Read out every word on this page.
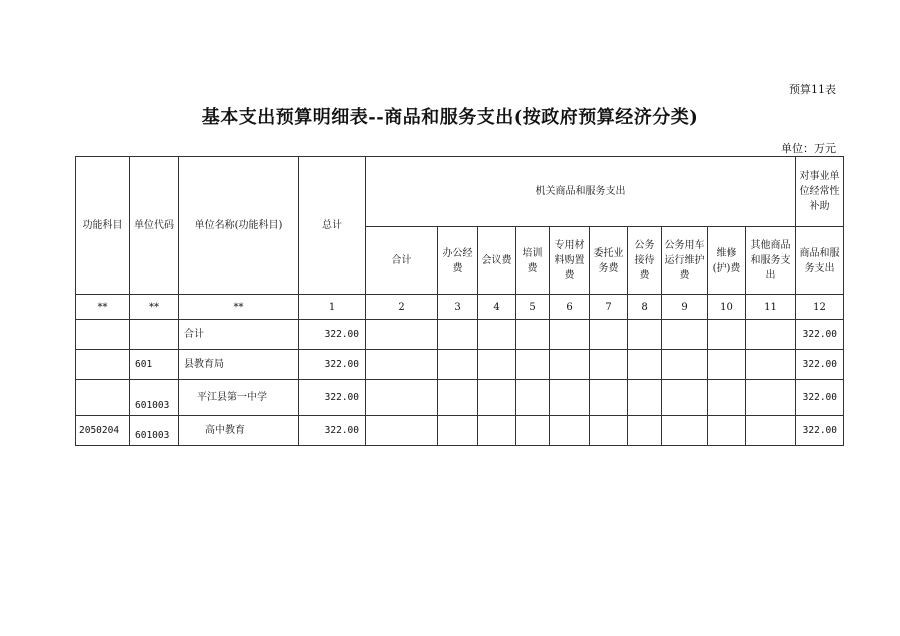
预算11表
基本支出预算明细表--商品和服务支出(按政府预算经济分类)
单位：万元
功能科目	单位代码	单位名称(功能科目)	总计	机关商品和服务支出										对事业单位经常性补助
				合计	办公经费	会议费	培训费	专用材料购置费	委托业务费	公务接待费	公务用车运行维护费	维修(护)费	其他商品和服务支出	商品和服务支出
**	**	**	1	2	3	4	5	6	7	8	9	10	11	12
		合计	322.00											322.00
	601	县教育局	322.00											322.00
	601003	平江县第一中学	322.00											322.00
2050204	601003	高中教育	322.00											322.00
